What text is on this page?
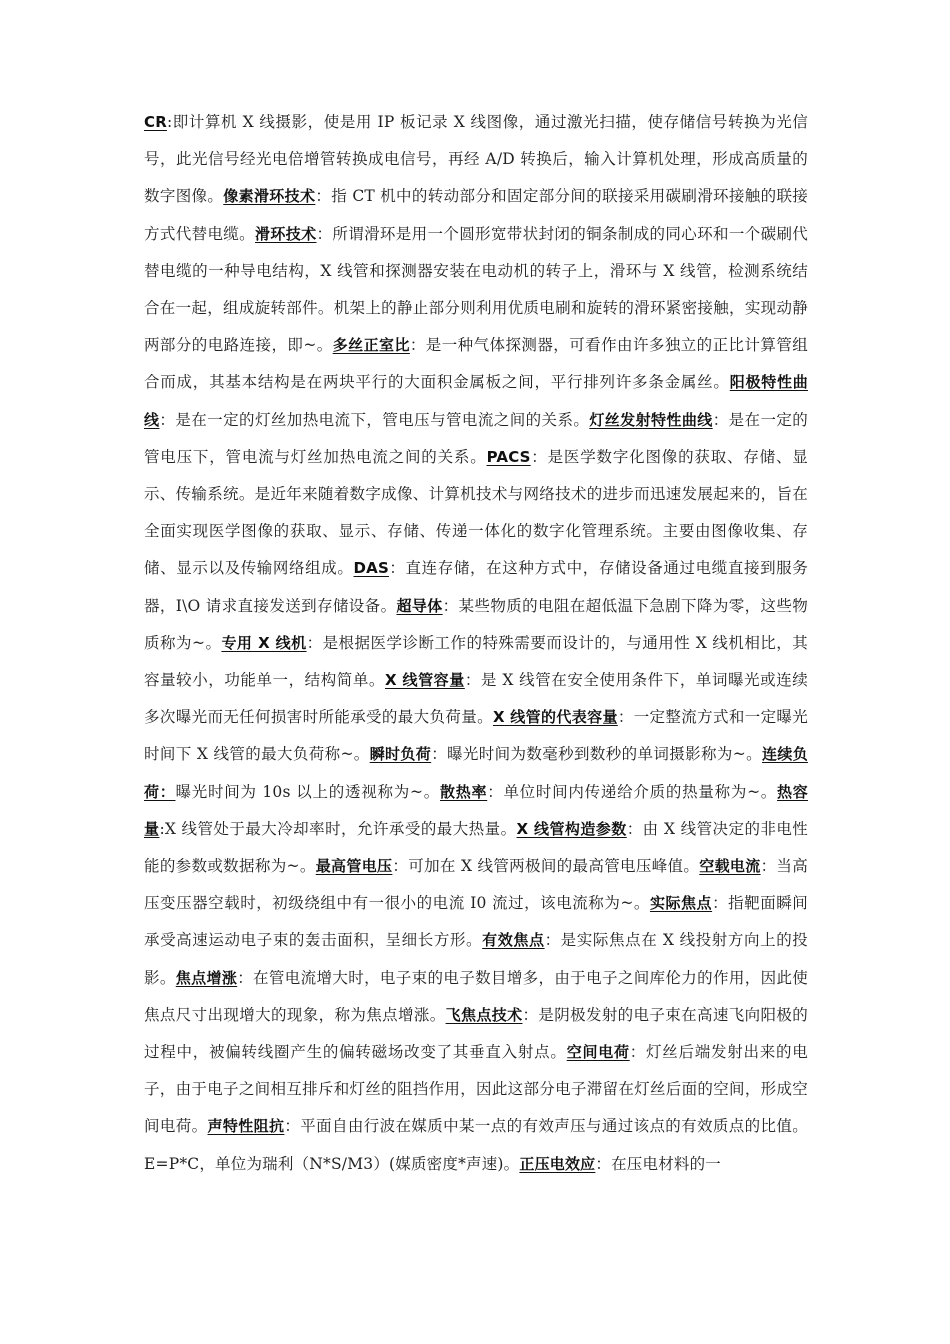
CR:即计算机 X 线摄影，使是用 IP 板记录 X 线图像，通过激光扫描，使存储信号转换为光信号，此光信号经光电倍增管转换成电信号，再经 A/D 转换后，输入计算机处理，形成高质量的数字图像。像素滑环技术：指 CT 机中的转动部分和固定部分间的联接采用碳刷滑环接触的联接方式代替电缆。滑环技术：所谓滑环是用一个圆形宽带状封闭的铜条制成的同心环和一个碳刷代替电缆的一种导电结构，X 线管和探测器安装在电动机的转子上，滑环与 X 线管，检测系统结合在一起，组成旋转部件。机架上的静止部分则利用优质电刷和旋转的滑环紧密接触，实现动静两部分的电路连接，即~。多丝正室比：是一种气体探测器，可看作由许多独立的正比计算管组合而成，其基本结构是在两块平行的大面积金属板之间，平行排列许多条金属丝。阳极特性曲线：是在一定的灯丝加热电流下，管电压与管电流之间的关系。灯丝发射特性曲线：是在一定的管电压下，管电流与灯丝加热电流之间的关系。PACS：是医学数字化图像的获取、存储、显示、传输系统。是近年来随着数字成像、计算机技术与网络技术的进步而迅速发展起来的，旨在全面实现医学图像的获取、显示、存储、传递一体化的数字化管理系统。主要由图像收集、存储、显示以及传输网络组成。DAS：直连存储，在这种方式中，存储设备通过电缆直接到服务器，I\O 请求直接发送到存储设备。超导体：某些物质的电阻在超低温下急剧下降为零，这些物质称为~。专用 X 线机：是根据医学诊断工作的特殊需要而设计的，与通用性 X 线机相比，其容量较小，功能单一，结构简单。X 线管容量：是 X 线管在安全使用条件下，单词曝光或连续多次曝光而无任何损害时所能承受的最大负荷量。X 线管的代表容量：一定整流方式和一定曝光时间下 X 线管的最大负荷称~。瞬时负荷：曝光时间为数毫秒到数秒的单词摄影称为~。连续负荷：曝光时间为 10s 以上的透视称为~。散热率：单位时间内传递给介质的热量称为~。热容量:X 线管处于最大冷却率时，允许承受的最大热量。X 线管构造参数：由 X 线管决定的非电性能的参数或数据称为~。最高管电压：可加在 X 线管两极间的最高管电压峰值。空载电流：当高压变压器空载时，初级绕组中有一很小的电流 I0 流过，该电流称为~。实际焦点：指靶面瞬间承受高速运动电子束的轰击面积，呈细长方形。有效焦点：是实际焦点在 X 线投射方向上的投影。焦点增涨：在管电流增大时，电子束的电子数目增多，由于电子之间库伦力的作用，因此使焦点尺寸出现增大的现象，称为焦点增涨。飞焦点技术：是阴极发射的电子束在高速飞向阳极的过程中，被偏转线圈产生的偏转磁场改变了其垂直入射点。空间电荷：灯丝后端发射出来的电子，由于电子之间相互排斥和灯丝的阻挡作用，因此这部分电子滞留在灯丝后面的空间，形成空间电荷。声特性阻抗：平面自由行波在媒质中某一点的有效声压与通过该点的有效质点的比值。E=P*C，单位为瑞利（N*S/M3）(媒质密度*声速)。正压电效应：在压电材料的一
